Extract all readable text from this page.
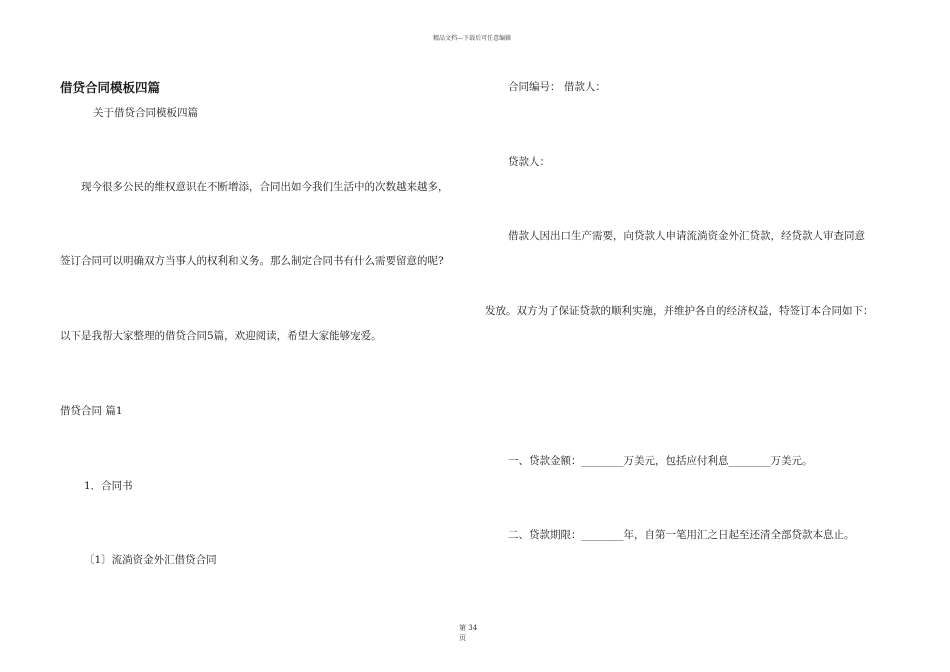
精品文档---下载后可任意编辑
借贷合同模板四篇
关于借贷合同模板四篇
现今很多公民的维权意识在不断增添，合同出如今我们生活中的次数越来越多，
签订合同可以明确双方当事人的权利和义务。那么制定合同书有什么需要留意的呢?
以下是我帮大家整理的借贷合同5篇，欢迎阅读，希望大家能够宠爱。
借贷合同 篇1
1．合同书
〔1〕流淌资金外汇借贷合同
合同编号： 借款人：
贷款人：
借款人因出口生产需要，向贷款人申请流淌资金外汇贷款，经贷款人审查同意
发放。双方为了保证贷款的顺利实施，并维护各自的经济权益，特签订本合同如下：
一、贷款金额：________万美元，包括应付利息________万美元。
二、贷款期限：________年，自第一笔用汇之日起至还清全部贷款本息止。
第 34
页
